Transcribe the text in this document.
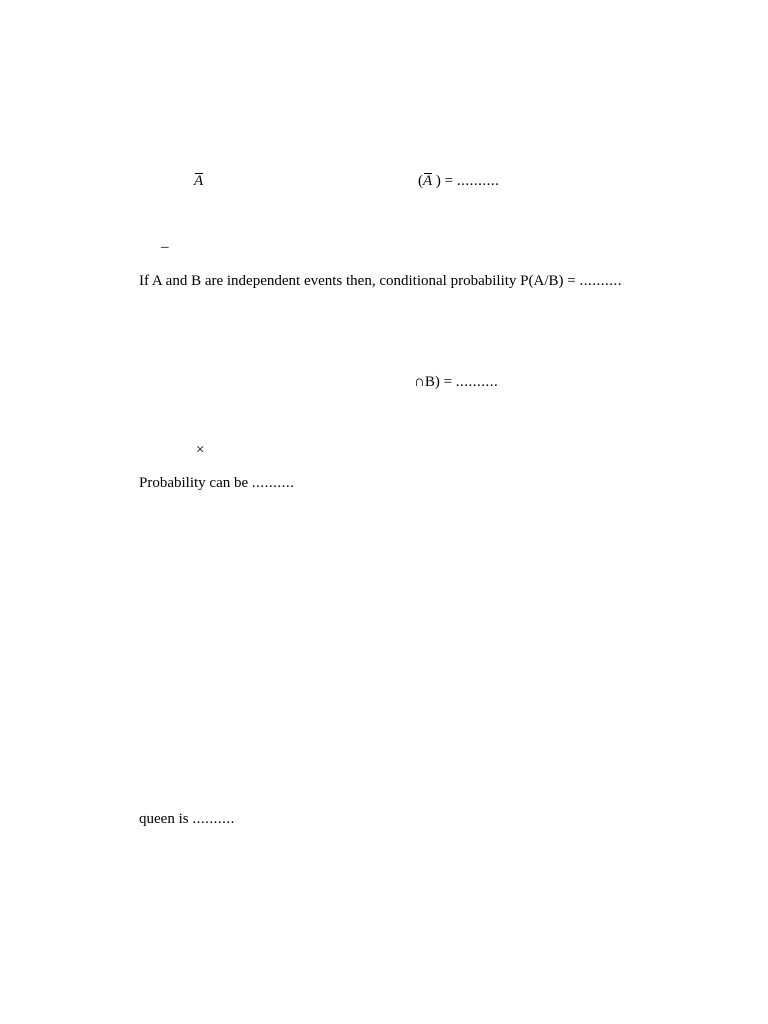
A	(A ) = ..........
–
If A and B are independent events then, conditional probability P(A/B) = ..........
∩B) = ..........
×
Probability can be ..........
queen is ..........
